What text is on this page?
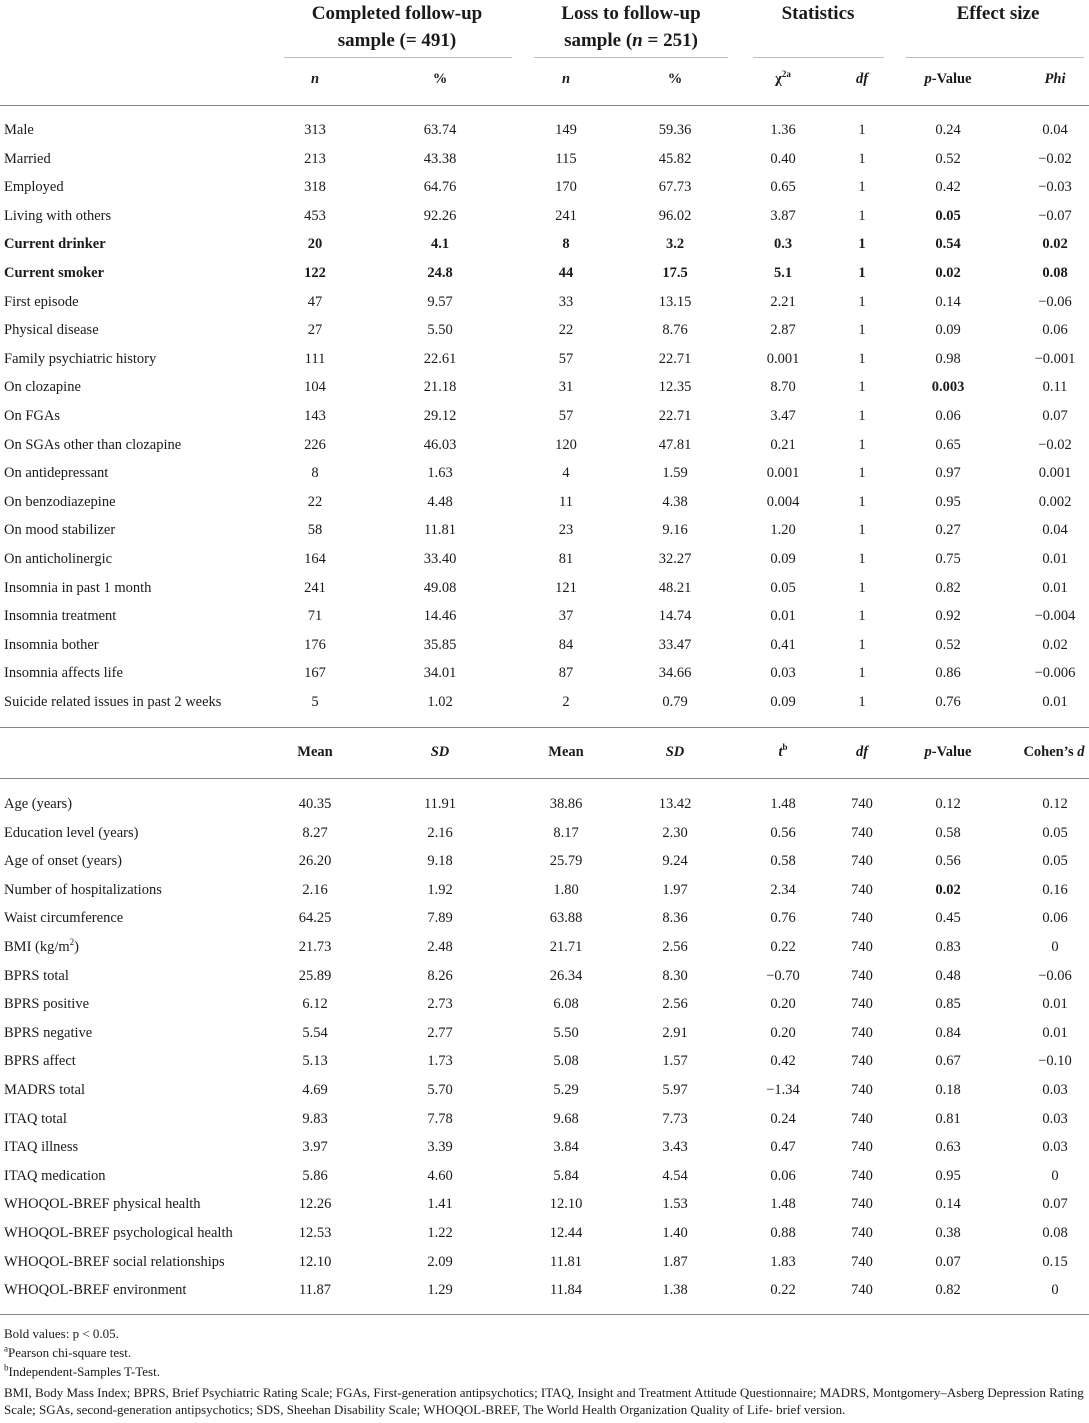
Completed follow-up
sample (= 491)
Loss to follow-up
sample (n = 251)
Statistics	Effect size
n	%	n	%	$\chi^{2a}$	df	p-Value	Phi
Male	313	63.74	149	59.36	1.36	1	0.24	0.04
Married	213	43.38	115	45.82	0.40	1	0.52	−0.02
Employed	318	64.76	170	67.73	0.65	1	0.42	−0.03
Living with others	453	92.26	241	96.02	3.87	1	0.05	−0.07
Current drinker	20	4.1	8	3.2	0.3	1	0.54	0.02
Current smoker	122	24.8	44	17.5	5.1	1	0.02	0.08
First episode	47	9.57	33	13.15	2.21	1	0.14	−0.06
Physical disease	27	5.50	22	8.76	2.87	1	0.09	0.06
Family psychiatric history	111	22.61	57	22.71	0.001	1	0.98	−0.001
On clozapine	104	21.18	31	12.35	8.70	1	0.003	0.11
On FGAs	143	29.12	57	22.71	3.47	1	0.06	0.07
On SGAs other than clozapine	226	46.03	120	47.81	0.21	1	0.65	−0.02
On antidepressant	8	1.63	4	1.59	0.001	1	0.97	0.001
On benzodiazepine	22	4.48	11	4.38	0.004	1	0.95	0.002
On mood stabilizer	58	11.81	23	9.16	1.20	1	0.27	0.04
On anticholinergic	164	33.40	81	32.27	0.09	1	0.75	0.01
Insomnia in past 1 month	241	49.08	121	48.21	0.05	1	0.82	0.01
Insomnia treatment	71	14.46	37	14.74	0.01	1	0.92	−0.004
Insomnia bother	176	35.85	84	33.47	0.41	1	0.52	0.02
Insomnia affects life	167	34.01	87	34.66	0.03	1	0.86	−0.006
Suicide related issues in past 2 weeks	5	1.02	2	0.79	0.09	1	0.76	0.01
Mean	SD	Mean	SD	$t^b$	df	p-Value	Cohen’s d
Age (years)	40.35	11.91	38.86	13.42	1.48	740	0.12	0.12
Education level (years)	8.27	2.16	8.17	2.30	0.56	740	0.58	0.05
Age of onset (years)	26.20	9.18	25.79	9.24	0.58	740	0.56	0.05
Number of hospitalizations	2.16	1.92	1.80	1.97	2.34	740	0.02	0.16
Waist circumference	64.25	7.89	63.88	8.36	0.76	740	0.45	0.06
BMI $(kg/m^2)$	21.73	2.48	21.71	2.56	0.22	740	0.83	0
BPRS total	25.89	8.26	26.34	8.30	−0.70	740	0.48	−0.06
BPRS positive	6.12	2.73	6.08	2.56	0.20	740	0.85	0.01
BPRS negative	5.54	2.77	5.50	2.91	0.20	740	0.84	0.01
BPRS affect	5.13	1.73	5.08	1.57	0.42	740	0.67	−0.10
MADRS total	4.69	5.70	5.29	5.97	−1.34	740	0.18	0.03
ITAQ total	9.83	7.78	9.68	7.73	0.24	740	0.81	0.03
ITAQ illness	3.97	3.39	3.84	3.43	0.47	740	0.63	0.03
ITAQ medication	5.86	4.60	5.84	4.54	0.06	740	0.95	0
WHOQOL-BREF physical health	12.26	1.41	12.10	1.53	1.48	740	0.14	0.07
WHOQOL-BREF psychological health	12.53	1.22	12.44	1.40	0.88	740	0.38	0.08
WHOQOL-BREF social relationships	12.10	2.09	11.81	1.87	1.83	740	0.07	0.15
WHOQOL-BREF environment	11.87	1.29	11.84	1.38	0.22	740	0.82	0
Bold values: p < 0.05.
$^a$Pearson chi-square test.
$^b$Independent-Samples T-Test.
BMI, Body Mass Index; BPRS, Brief Psychiatric Rating Scale; FGAs, First-generation antipsychotics; ITAQ, Insight and Treatment Attitude Questionnaire; MADRS, Montgomery–Asberg Depression Rating Scale; SGAs, second-generation antipsychotics; SDS, Sheehan Disability Scale; WHOQOL-BREF, The World Health Organization Quality of Life- brief version.
